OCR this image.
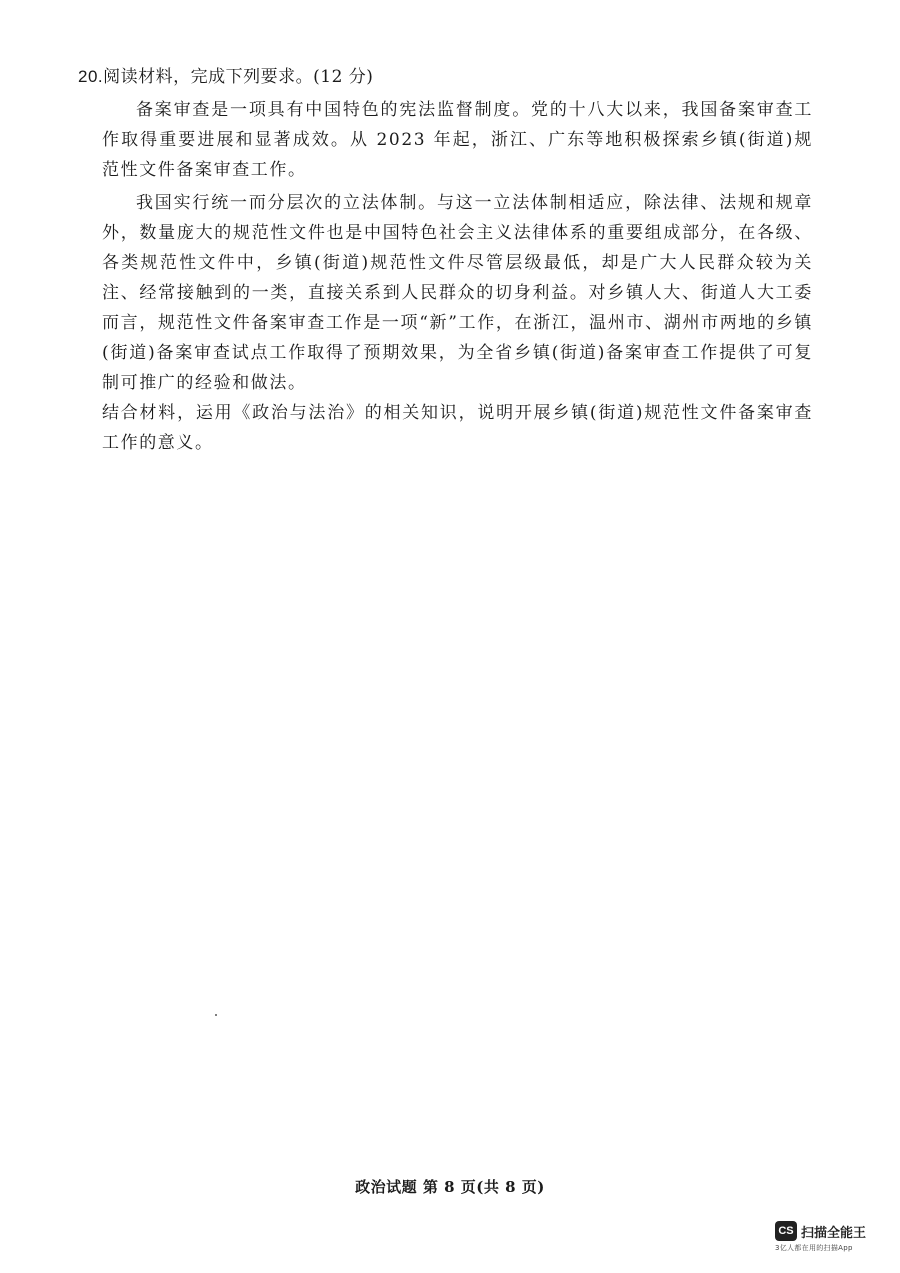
20.阅读材料，完成下列要求。(12 分)
备案审查是一项具有中国特色的宪法监督制度。党的十八大以来，我国备案审查工作取得重要进展和显著成效。从 2023 年起，浙江、广东等地积极探索乡镇(街道)规范性文件备案审查工作。
我国实行统一而分层次的立法体制。与这一立法体制相适应，除法律、法规和规章外，数量庞大的规范性文件也是中国特色社会主义法律体系的重要组成部分，在各级、各类规范性文件中，乡镇(街道)规范性文件尽管层级最低，却是广大人民群众较为关注、经常接触到的一类，直接关系到人民群众的切身利益。对乡镇人大、街道人大工委而言，规范性文件备案审查工作是一项“新”工作，在浙江，温州市、湖州市两地的乡镇(街道)备案审查试点工作取得了预期效果，为全省乡镇(街道)备案审查工作提供了可复制可推广的经验和做法。
结合材料，运用《政治与法治》的相关知识，说明开展乡镇(街道)规范性文件备案审查工作的意义。
政治试题 第 8 页(共 8 页)
CS 扫描全能王
3亿人都在用的扫描App
